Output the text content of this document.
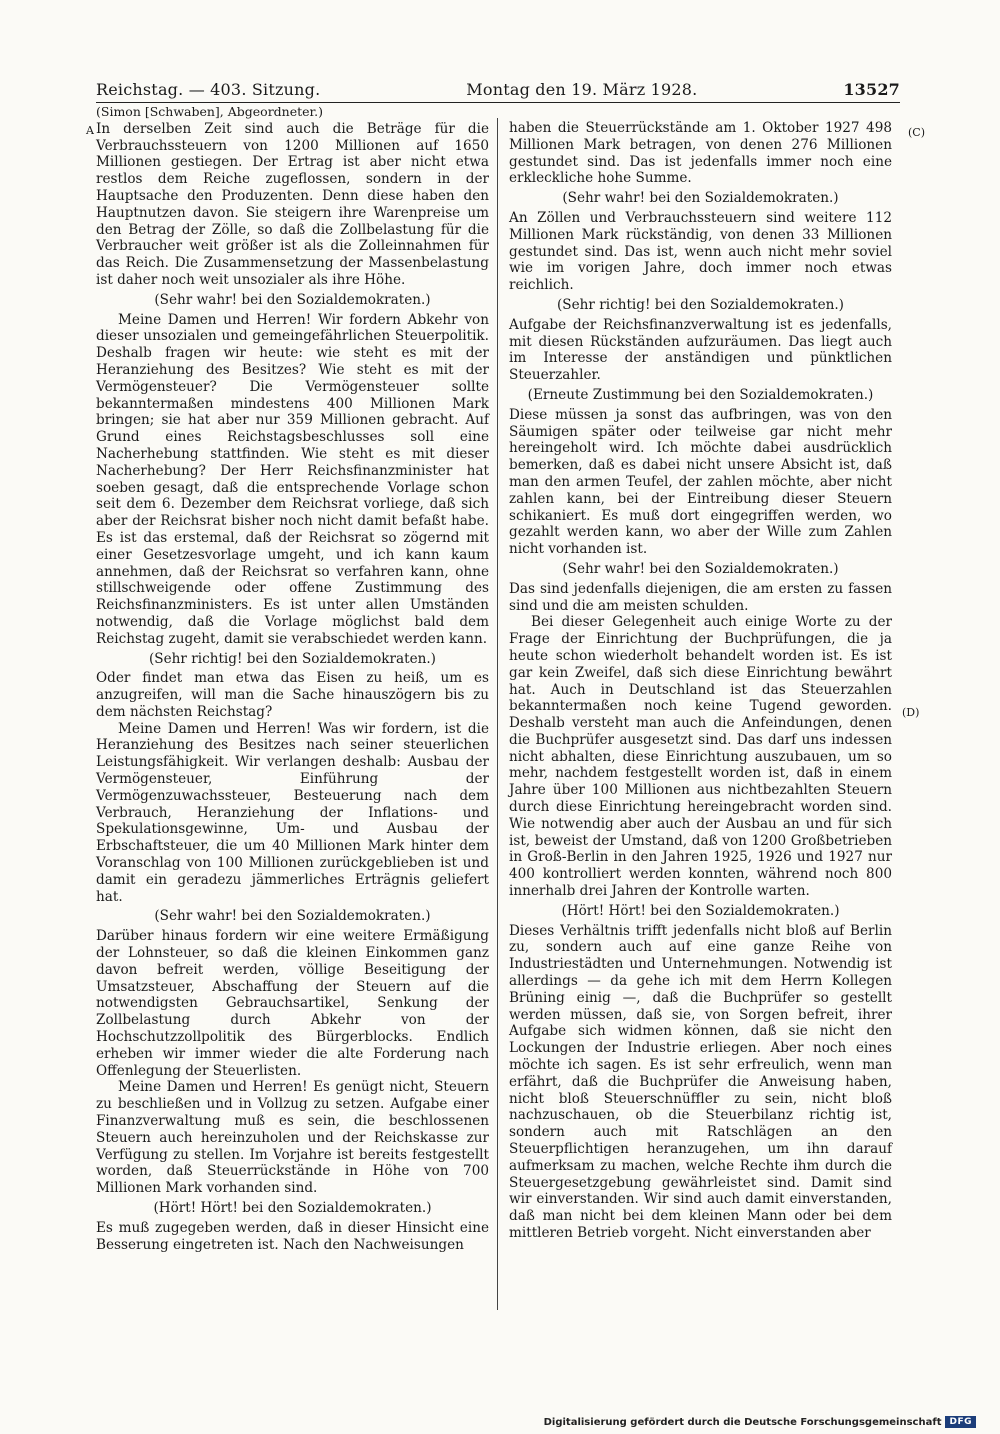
Reichstag. — 403. Sitzung.	Montag den 19. März 1928.	13527
A	(C)
(D)

(Simon [Schwaben], Abgeordneter.)

In derselben Zeit sind auch die Beträge für die Verbrauchssteuern von 1200 Millionen auf 1650 Millionen gestiegen. Der Ertrag ist aber nicht etwa restlos dem Reiche zugeflossen, sondern in der Hauptsache den Produzenten. Denn diese haben den Hauptnutzen davon. Sie steigern ihre Warenpreise um den Betrag der Zölle, so daß die Zollbelastung für die Verbraucher weit größer ist als die Zolleinnahmen für das Reich. Die Zusammensetzung der Massenbelastung ist daher noch weit unsozialer als ihre Höhe.

(Sehr wahr! bei den Sozialdemokraten.)

Meine Damen und Herren! Wir fordern Abkehr von dieser unsozialen und gemeingefährlichen Steuerpolitik. Deshalb fragen wir heute: wie steht es mit der Heranziehung des Besitzes? Wie steht es mit der Vermögensteuer? Die Vermögensteuer sollte bekanntermaßen mindestens 400 Millionen Mark bringen; sie hat aber nur 359 Millionen gebracht. Auf Grund eines Reichstagsbeschlusses soll eine Nacherhebung stattfinden. Wie steht es mit dieser Nacherhebung? Der Herr Reichsfinanzminister hat soeben gesagt, daß die entsprechende Vorlage schon seit dem 6. Dezember dem Reichsrat vorliege, daß sich aber der Reichsrat bisher noch nicht damit befaßt habe. Es ist das erstemal, daß der Reichsrat so zögernd mit einer Gesetzesvorlage umgeht, und ich kann kaum annehmen, daß der Reichsrat so verfahren kann, ohne stillschweigende oder offene Zustimmung des Reichsfinanzministers. Es ist unter allen Umständen notwendig, daß die Vorlage möglichst bald dem Reichstag zugeht, damit sie verabschiedet werden kann.

(Sehr richtig! bei den Sozialdemokraten.)

Oder findet man etwa das Eisen zu heiß, um es anzugreifen, will man die Sache hinauszögern bis zu dem nächsten Reichstag?

Meine Damen und Herren! Was wir fordern, ist die Heranziehung des Besitzes nach seiner steuerlichen Leistungsfähigkeit. Wir verlangen deshalb: Ausbau der Vermögensteuer, Einführung der Vermögenzuwachssteuer, Besteuerung nach dem Verbrauch, Heranziehung der Inflations- und Spekulationsgewinne, Um- und Ausbau der Erbschaftsteuer, die um 40 Millionen Mark hinter dem Voranschlag von 100 Millionen zurückgeblieben ist und damit ein geradezu jämmerliches Erträgnis geliefert hat.

(Sehr wahr! bei den Sozialdemokraten.)

Darüber hinaus fordern wir eine weitere Ermäßigung der Lohnsteuer, so daß die kleinen Einkommen ganz davon befreit werden, völlige Beseitigung der Umsatzsteuer, Abschaffung der Steuern auf die notwendigsten Gebrauchsartikel, Senkung der Zollbelastung durch Abkehr von der Hochschutzzollpolitik des Bürgerblocks. Endlich erheben wir immer wieder die alte Forderung nach Offenlegung der Steuerlisten.

Meine Damen und Herren! Es genügt nicht, Steuern zu beschließen und in Vollzug zu setzen. Aufgabe einer Finanzverwaltung muß es sein, die beschlossenen Steuern auch hereinzuholen und der Reichskasse zur Verfügung zu stellen. Im Vorjahre ist bereits festgestellt worden, daß Steuerrückstände in Höhe von 700 Millionen Mark vorhanden sind.

(Hört! Hört! bei den Sozialdemokraten.)

Es muß zugegeben werden, daß in dieser Hinsicht eine Besserung eingetreten ist. Nach den Nachweisungen

haben die Steuerrückstände am 1. Oktober 1927 498 Millionen Mark betragen, von denen 276 Millionen gestundet sind. Das ist jedenfalls immer noch eine erkleckliche hohe Summe.

(Sehr wahr! bei den Sozialdemokraten.)

An Zöllen und Verbrauchssteuern sind weitere 112 Millionen Mark rückständig, von denen 33 Millionen gestundet sind. Das ist, wenn auch nicht mehr soviel wie im vorigen Jahre, doch immer noch etwas reichlich.

(Sehr richtig! bei den Sozialdemokraten.)

Aufgabe der Reichsfinanzverwaltung ist es jedenfalls, mit diesen Rückständen aufzuräumen. Das liegt auch im Interesse der anständigen und pünktlichen Steuerzahler.

(Erneute Zustimmung bei den Sozialdemokraten.)

Diese müssen ja sonst das aufbringen, was von den Säumigen später oder teilweise gar nicht mehr hereingeholt wird. Ich möchte dabei ausdrücklich bemerken, daß es dabei nicht unsere Absicht ist, daß man den armen Teufel, der zahlen möchte, aber nicht zahlen kann, bei der Eintreibung dieser Steuern schikaniert. Es muß dort eingegriffen werden, wo gezahlt werden kann, wo aber der Wille zum Zahlen nicht vorhanden ist.

(Sehr wahr! bei den Sozialdemokraten.)

Das sind jedenfalls diejenigen, die am ersten zu fassen sind und die am meisten schulden.

Bei dieser Gelegenheit auch einige Worte zu der Frage der Einrichtung der Buchprüfungen, die ja heute schon wiederholt behandelt worden ist. Es ist gar kein Zweifel, daß sich diese Einrichtung bewährt hat. Auch in Deutschland ist das Steuerzahlen bekanntermaßen noch keine Tugend geworden. Deshalb versteht man auch die Anfeindungen, denen die Buchprüfer ausgesetzt sind. Das darf uns indessen nicht abhalten, diese Einrichtung auszubauen, um so mehr, nachdem festgestellt worden ist, daß in einem Jahre über 100 Millionen aus nichtbezahlten Steuern durch diese Einrichtung hereingebracht worden sind. Wie notwendig aber auch der Ausbau an und für sich ist, beweist der Umstand, daß von 1200 Großbetrieben in Groß-Berlin in den Jahren 1925, 1926 und 1927 nur 400 kontrolliert werden konnten, während noch 800 innerhalb drei Jahren der Kontrolle warten.

(Hört! Hört! bei den Sozialdemokraten.)

Dieses Verhältnis trifft jedenfalls nicht bloß auf Berlin zu, sondern auch auf eine ganze Reihe von Industriestädten und Unternehmungen. Notwendig ist allerdings — da gehe ich mit dem Herrn Kollegen Brüning einig —, daß die Buchprüfer so gestellt werden müssen, daß sie, von Sorgen befreit, ihrer Aufgabe sich widmen können, daß sie nicht den Lockungen der Industrie erliegen. Aber noch eines möchte ich sagen. Es ist sehr erfreulich, wenn man erfährt, daß die Buchprüfer die Anweisung haben, nicht bloß Steuerschnüffler zu sein, nicht bloß nachzuschauen, ob die Steuerbilanz richtig ist, sondern auch mit Ratschlägen an den Steuerpflichtigen heranzugehen, um ihn darauf aufmerksam zu machen, welche Rechte ihm durch die Steuergesetzgebung gewährleistet sind. Damit sind wir einverstanden. Wir sind auch damit einverstanden, daß man nicht bei dem kleinen Mann oder bei dem mittleren Betrieb vorgeht. Nicht einverstanden aber

Digitalisierung gefördert durch die Deutsche Forschungsgemeinschaft DFG
